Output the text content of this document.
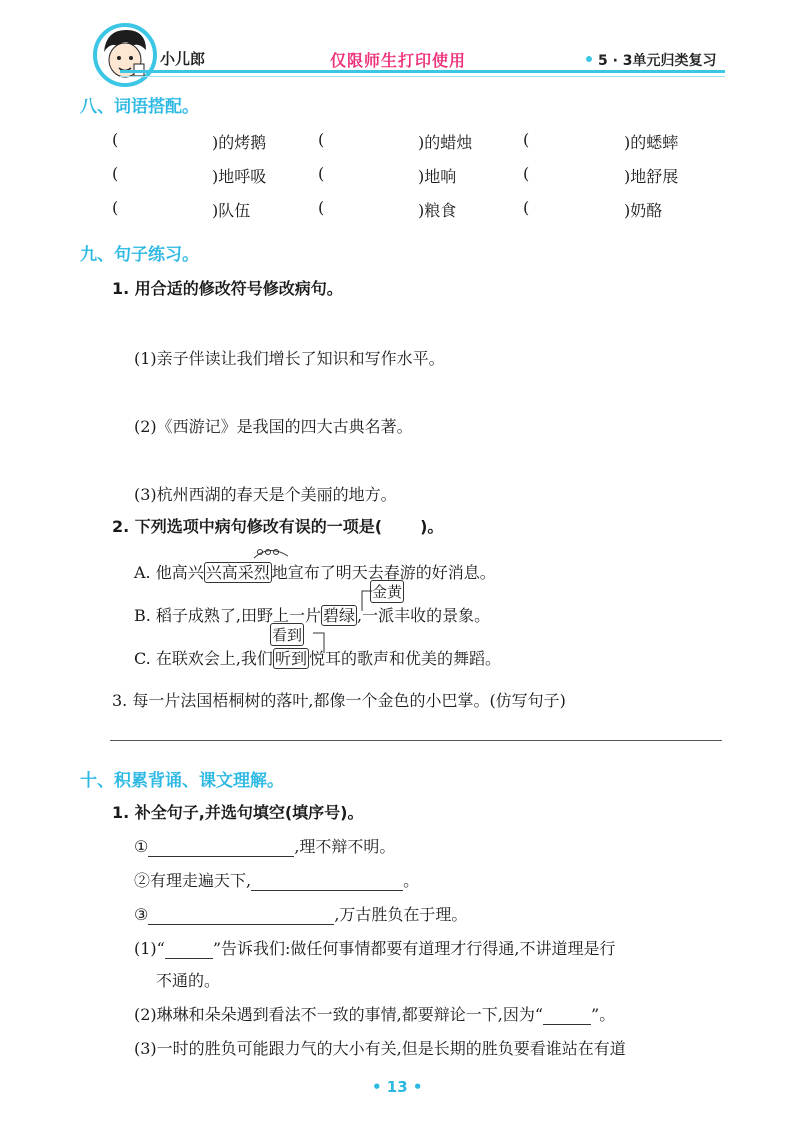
小儿郎	仅限师生打印使用	5 · 3单元归类复习
八、词语搭配。
(	)的烤鹅	(	)的蜡烛	(	)的蟋蟀
(	)地呼吸	(	)地响	(	)地舒展
(	)队伍	(	)粮食	(	)奶酪
九、句子练习。
1. 用合适的修改符号修改病句。
(1)亲子伴读让我们增长了知识和写作水平。
(2)《西游记》是我国的四大古典名著。
(3)杭州西湖的春天是个美丽的地方。
2. 下列选项中病句修改有误的一项是( )。
A. 他高兴 兴高采烈 地宣布了明天去春游的好消息。
B. 稻子成熟了,田野上一片 碧绿 ,一派丰收的景象。
金黄
C. 在联欢会上,我们 听到 悦耳的歌声和优美的舞蹈。
看到
3. 每一片法国梧桐树的落叶,都像一个金色的小巴掌。(仿写句子)
十、积累背诵、课文理解。
1. 补全句子,并选句填空(填序号)。
①	,理不辩不明。
②有理走遍天下,	。
③	,万古胜负在于理。
(1)“	”告诉我们:做任何事情都要有道理才行得通,不讲道理是行
不通的。
(2)琳琳和朵朵遇到看法不一致的事情,都要辩论一下,因为“	”。
(3)一时的胜负可能跟力气的大小有关,但是长期的胜负要看谁站在有道
• 13 •
